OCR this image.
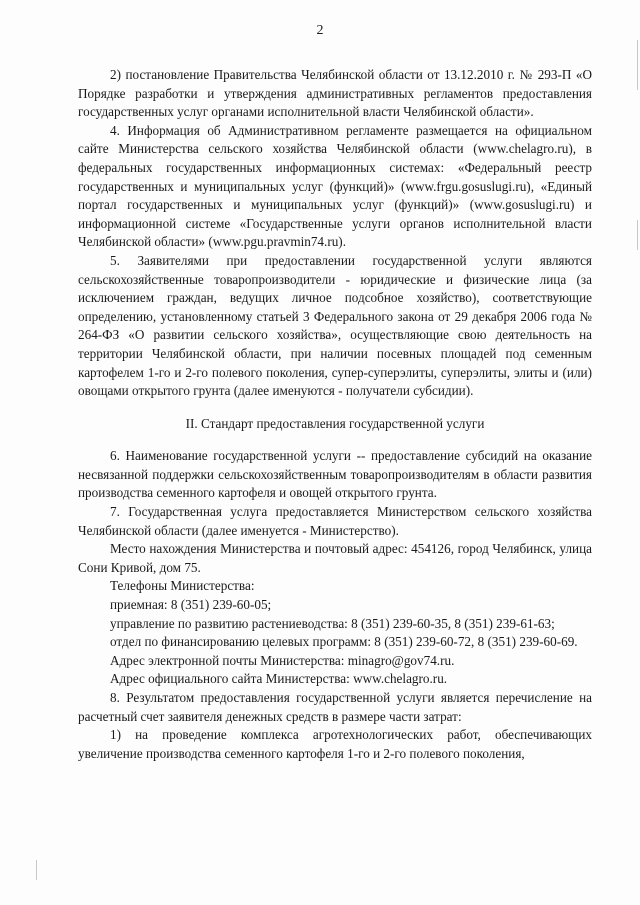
2

2) постановление Правительства Челябинской области от 13.12.2010 г. № 293-П «О Порядке разработки и утверждения административных регламентов предоставления государственных услуг органами исполнительной власти Челябинской области».

4. Информация об Административном регламенте размещается на официальном сайте Министерства сельского хозяйства Челябинской области (www.chelagro.ru), в федеральных государственных информационных системах: «Федеральный реестр государственных и муниципальных услуг (функций)» (www.frgu.gosuslugi.ru), «Единый портал государственных и муниципальных услуг (функций)» (www.gosuslugi.ru) и информационной системе «Государственные услуги органов исполнительной власти Челябинской области» (www.pgu.pravmin74.ru).

5. Заявителями при предоставлении государственной услуги являются сельскохозяйственные товаропроизводители - юридические и физические лица (за исключением граждан, ведущих личное подсобное хозяйство), соответствующие определению, установленному статьей 3 Федерального закона от 29 декабря 2006 года № 264-ФЗ «О развитии сельского хозяйства», осуществляющие свою деятельность на территории Челябинской области, при наличии посевных площадей под семенным картофелем 1-го и 2-го полевого поколения, супер-суперэлиты, суперэлиты, элиты и (или) овощами открытого грунта (далее именуются - получатели субсидии).

II. Стандарт предоставления государственной услуги

6. Наименование государственной услуги -- предоставление субсидий на оказание несвязанной поддержки сельскохозяйственным товаропроизводителям в области развития производства семенного картофеля и овощей открытого грунта.

7. Государственная услуга предоставляется Министерством сельского хозяйства Челябинской области (далее именуется - Министерство).

Место нахождения Министерства и почтовый адрес: 454126, город Челябинск, улица Сони Кривой, дом 75.

Телефоны Министерства:

приемная: 8 (351) 239-60-05;

управление по развитию растениеводства: 8 (351) 239-60-35, 8 (351) 239-61-63;

отдел по финансированию целевых программ: 8 (351) 239-60-72, 8 (351) 239-60-69.

Адрес электронной почты Министерства: minagro@gov74.ru.

Адрес официального сайта Министерства: www.chelagro.ru.

8. Результатом предоставления государственной услуги является перечисление на расчетный счет заявителя денежных средств в размере части затрат:

1) на проведение комплекса агротехнологических работ, обеспечивающих увеличение производства семенного картофеля 1-го и 2-го полевого поколения,
